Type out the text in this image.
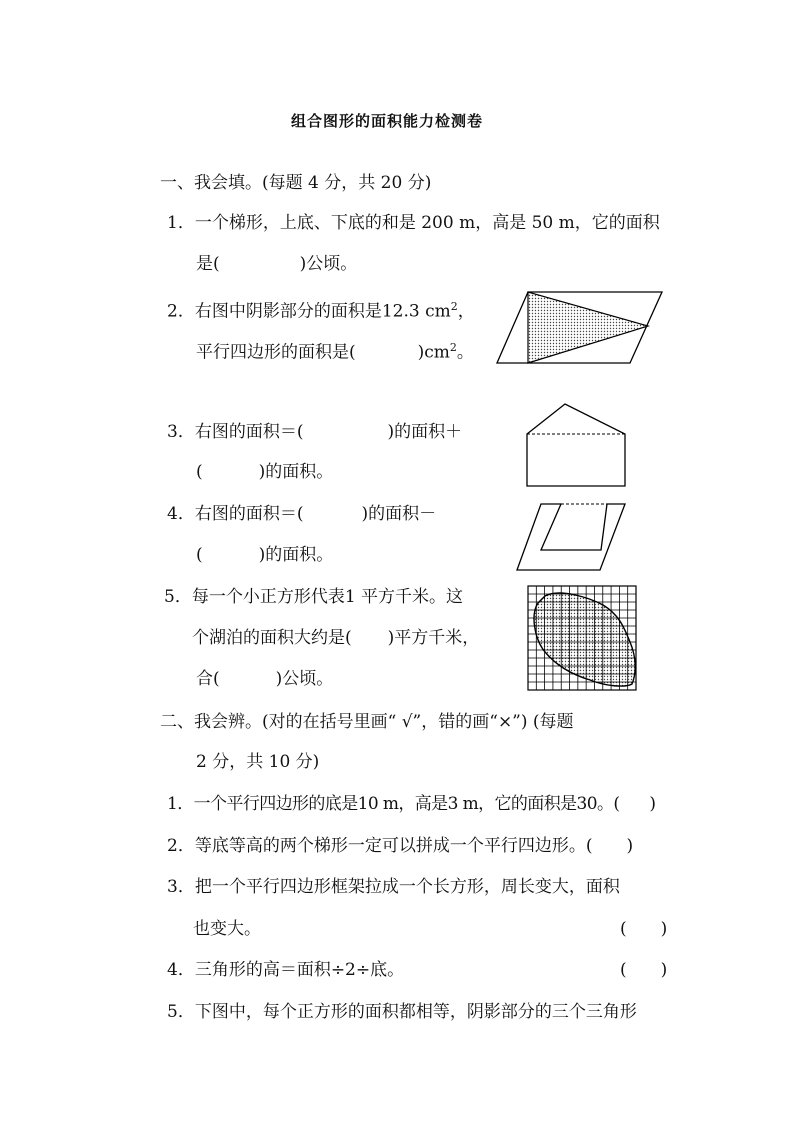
组合图形的面积能力检测卷
一、我会填。(每题 4 分，共 20 分)
1．一个梯形，上底、下底的和是 200 m，高是 50 m，它的面积
是(	)公顷。
2．右图中阴影部分的面积是12.3 $cm^2$，
平行四边形的面积是(	)$cm^2$。
3．右图的面积＝(	)的面积＋
(	)的面积。
4．右图的面积＝(	)的面积－
(	)的面积。
5．每一个小正方形代表1 平方千米。这
个湖泊的面积大约是( )平方千米，
合(	)公顷。
二、我会辨。(对的在括号里画“ √”，错的画“×”) (每题
2 分，共 10 分)
1．一个平行四边形的底是10 m，高是3 m，它的面积是30。( )
2．等底等高的两个梯形一定可以拼成一个平行四边形。( )
3．把一个平行四边形框架拉成一个长方形，周长变大，面积
也变大。	( )
4．三角形的高＝面积÷2÷底。	( )
5．下图中，每个正方形的面积都相等，阴影部分的三个三角形
